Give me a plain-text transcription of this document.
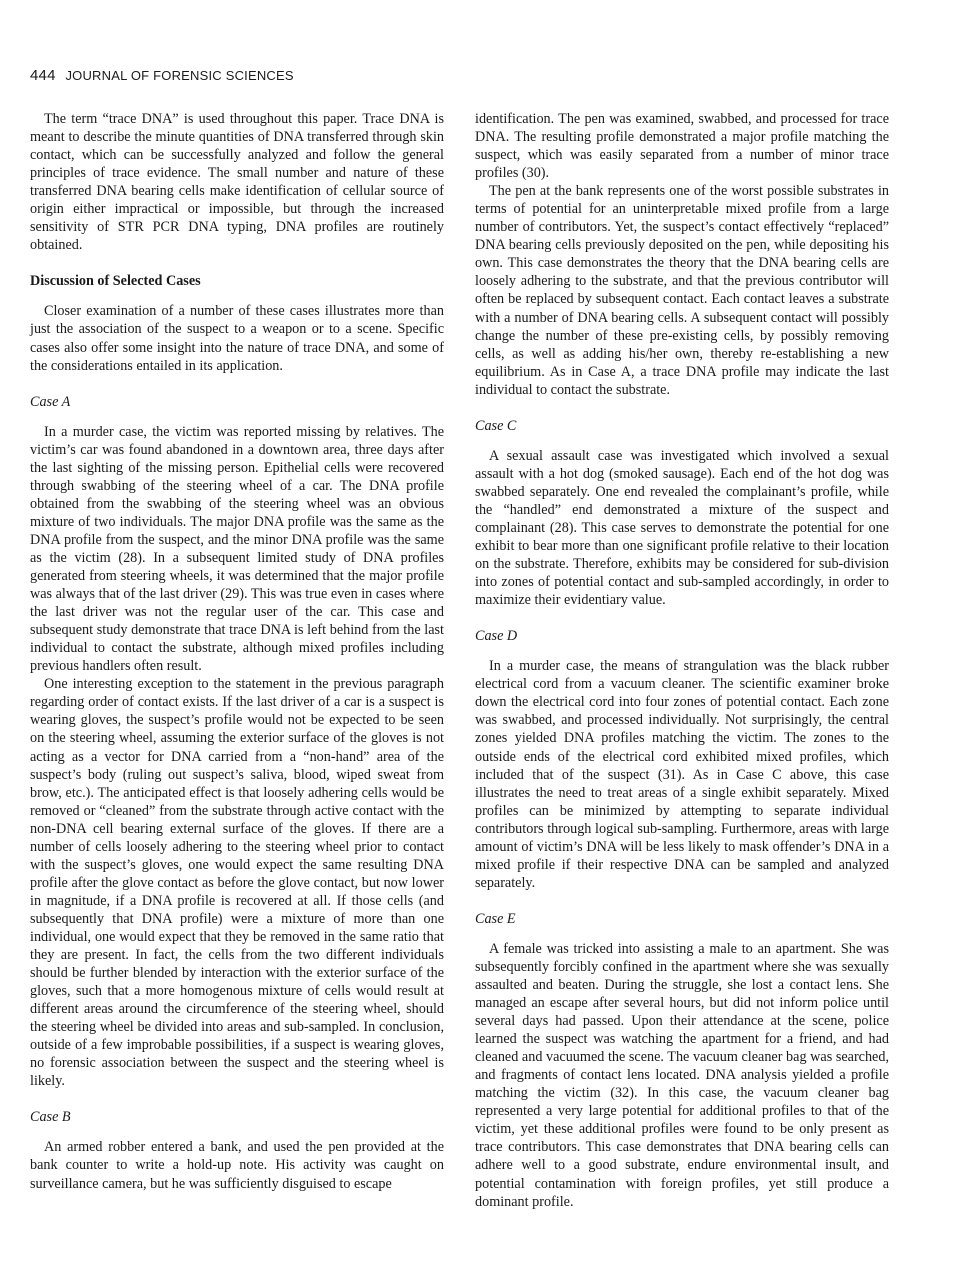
444 JOURNAL OF FORENSIC SCIENCES

The term “trace DNA” is used throughout this paper. Trace DNA is meant to describe the minute quantities of DNA transferred through skin contact, which can be successfully analyzed and follow the general principles of trace evidence. The small number and nature of these transferred DNA bearing cells make identification of cellular source of origin either impractical or impossible, but through the increased sensitivity of STR PCR DNA typing, DNA profiles are routinely obtained.

Discussion of Selected Cases

Closer examination of a number of these cases illustrates more than just the association of the suspect to a weapon or to a scene. Specific cases also offer some insight into the nature of trace DNA, and some of the considerations entailed in its application.

Case A

In a murder case, the victim was reported missing by relatives. The victim’s car was found abandoned in a downtown area, three days after the last sighting of the missing person. Epithelial cells were recovered through swabbing of the steering wheel of a car. The DNA profile obtained from the swabbing of the steering wheel was an obvious mixture of two individuals. The major DNA profile was the same as the DNA profile from the suspect, and the minor DNA profile was the same as the victim (28). In a subsequent limited study of DNA profiles generated from steering wheels, it was determined that the major profile was always that of the last driver (29). This was true even in cases where the last driver was not the regular user of the car. This case and subsequent study demonstrate that trace DNA is left behind from the last individual to contact the substrate, although mixed profiles including previous handlers often result.

One interesting exception to the statement in the previous paragraph regarding order of contact exists. If the last driver of a car is a suspect is wearing gloves, the suspect’s profile would not be expected to be seen on the steering wheel, assuming the exterior surface of the gloves is not acting as a vector for DNA carried from a “non-hand” area of the suspect’s body (ruling out suspect’s saliva, blood, wiped sweat from brow, etc.). The anticipated effect is that loosely adhering cells would be removed or “cleaned” from the substrate through active contact with the non-DNA cell bearing external surface of the gloves. If there are a number of cells loosely adhering to the steering wheel prior to contact with the suspect’s gloves, one would expect the same resulting DNA profile after the glove contact as before the glove contact, but now lower in magnitude, if a DNA profile is recovered at all. If those cells (and subsequently that DNA profile) were a mixture of more than one individual, one would expect that they be removed in the same ratio that they are present. In fact, the cells from the two different individuals should be further blended by interaction with the exterior surface of the gloves, such that a more homogenous mixture of cells would result at different areas around the circumference of the steering wheel, should the steering wheel be divided into areas and sub-sampled. In conclusion, outside of a few improbable possibilities, if a suspect is wearing gloves, no forensic association between the suspect and the steering wheel is likely.

Case B

An armed robber entered a bank, and used the pen provided at the bank counter to write a hold-up note. His activity was caught on surveillance camera, but he was sufficiently disguised to escape

identification. The pen was examined, swabbed, and processed for trace DNA. The resulting profile demonstrated a major profile matching the suspect, which was easily separated from a number of minor trace profiles (30).

The pen at the bank represents one of the worst possible substrates in terms of potential for an uninterpretable mixed profile from a large number of contributors. Yet, the suspect’s contact effectively “replaced” DNA bearing cells previously deposited on the pen, while depositing his own. This case demonstrates the theory that the DNA bearing cells are loosely adhering to the substrate, and that the previous contributor will often be replaced by subsequent contact. Each contact leaves a substrate with a number of DNA bearing cells. A subsequent contact will possibly change the number of these pre-existing cells, by possibly removing cells, as well as adding his/her own, thereby re-establishing a new equilibrium. As in Case A, a trace DNA profile may indicate the last individual to contact the substrate.

Case C

A sexual assault case was investigated which involved a sexual assault with a hot dog (smoked sausage). Each end of the hot dog was swabbed separately. One end revealed the complainant’s profile, while the “handled” end demonstrated a mixture of the suspect and complainant (28). This case serves to demonstrate the potential for one exhibit to bear more than one significant profile relative to their location on the substrate. Therefore, exhibits may be considered for sub-division into zones of potential contact and sub-sampled accordingly, in order to maximize their evidentiary value.

Case D

In a murder case, the means of strangulation was the black rubber electrical cord from a vacuum cleaner. The scientific examiner broke down the electrical cord into four zones of potential contact. Each zone was swabbed, and processed individually. Not surprisingly, the central zones yielded DNA profiles matching the victim. The zones to the outside ends of the electrical cord exhibited mixed profiles, which included that of the suspect (31). As in Case C above, this case illustrates the need to treat areas of a single exhibit separately. Mixed profiles can be minimized by attempting to separate individual contributors through logical sub-sampling. Furthermore, areas with large amount of victim’s DNA will be less likely to mask offender’s DNA in a mixed profile if their respective DNA can be sampled and analyzed separately.

Case E

A female was tricked into assisting a male to an apartment. She was subsequently forcibly confined in the apartment where she was sexually assaulted and beaten. During the struggle, she lost a contact lens. She managed an escape after several hours, but did not inform police until several days had passed. Upon their attendance at the scene, police learned the suspect was watching the apartment for a friend, and had cleaned and vacuumed the scene. The vacuum cleaner bag was searched, and fragments of contact lens located. DNA analysis yielded a profile matching the victim (32). In this case, the vacuum cleaner bag represented a very large potential for additional profiles to that of the victim, yet these additional profiles were found to be only present as trace contributors. This case demonstrates that DNA bearing cells can adhere well to a good substrate, endure environmental insult, and potential contamination with foreign profiles, yet still produce a dominant profile.
